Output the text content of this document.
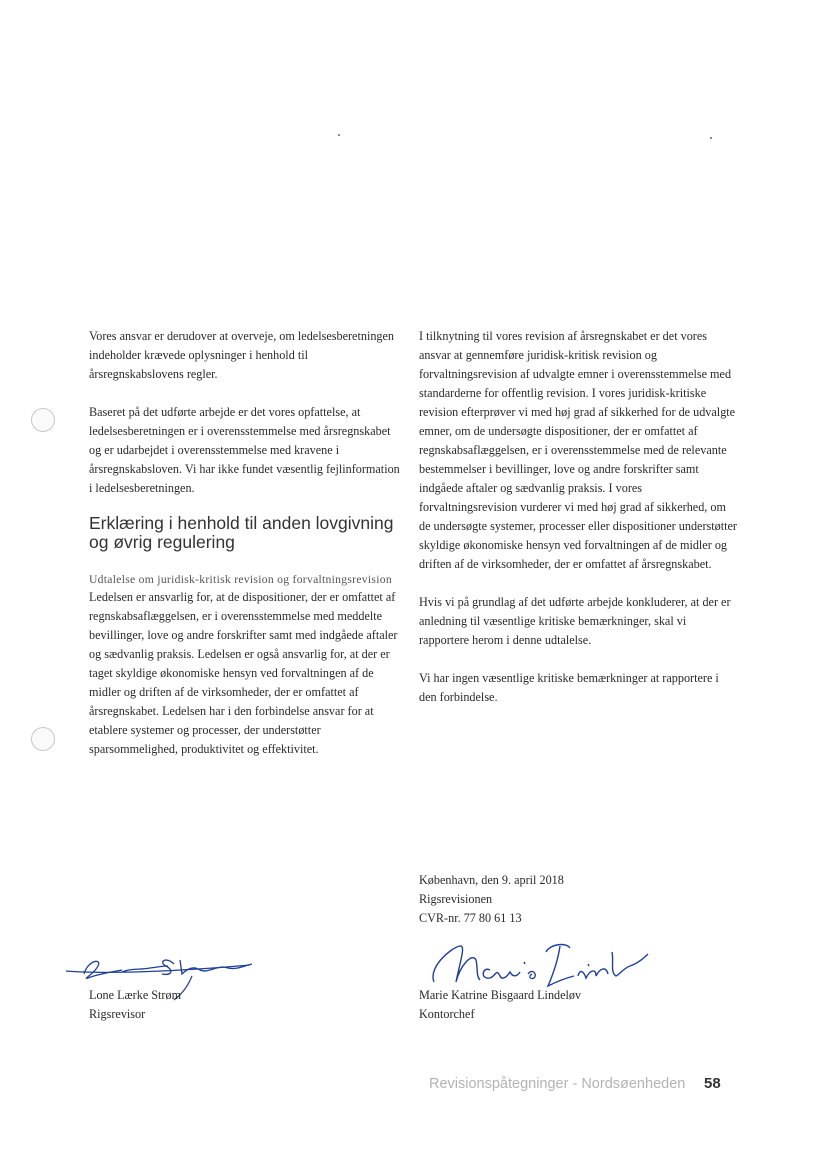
Vores ansvar er derudover at overveje, om ledelsesberetningen indeholder krævede oplysninger i henhold til årsregnskabslovens regler.

Baseret på det udførte arbejde er det vores opfattelse, at ledelsesberetningen er i overensstemmelse med årsregnskabet og er udarbejdet i overensstemmelse med kravene i årsregnskabsloven. Vi har ikke fundet væsentlig fejlinformation i ledelsesberetningen.

Erklæring i henhold til anden lovgivning og øvrig regulering

Udtalelse om juridisk-kritisk revision og forvaltningsrevision

Ledelsen er ansvarlig for, at de dispositioner, der er omfattet af regnskabsaflæggelsen, er i overensstemmelse med meddelte bevillinger, love og andre forskrifter samt med indgåede aftaler og sædvanlig praksis. Ledelsen er også ansvarlig for, at der er taget skyldige økonomiske hensyn ved forvaltningen af de midler og driften af de virksomheder, der er omfattet af årsregnskabet. Ledelsen har i den forbindelse ansvar for at etablere systemer og processer, der understøtter sparsommelighed, produktivitet og effektivitet.

I tilknytning til vores revision af årsregnskabet er det vores ansvar at gennemføre juridisk-kritisk revision og forvaltningsrevision af udvalgte emner i overensstemmelse med standarderne for offentlig revision. I vores juridisk-kritiske revision efterprøver vi med høj grad af sikkerhed for de udvalgte emner, om de undersøgte dispositioner, der er omfattet af regnskabsaflæggelsen, er i overensstemmelse med de relevante bestemmelser i bevillinger, love og andre forskrifter samt indgåede aftaler og sædvanlig praksis. I vores forvaltningsrevision vurderer vi med høj grad af sikkerhed, om de undersøgte systemer, processer eller dispositioner understøtter skyldige økonomiske hensyn ved forvaltningen af de midler og driften af de virksomheder, der er omfattet af årsregnskabet.

Hvis vi på grundlag af det udførte arbejde konkluderer, at der er anledning til væsentlige kritiske bemærkninger, skal vi rapportere herom i denne udtalelse.

Vi har ingen væsentlige kritiske bemærkninger at rapportere i den forbindelse.

København, den 9. april 2018

Rigsrevisionen

CVR-nr. 77 80 61 13

Lone Lærke Strøm

Rigsrevisor

Marie Katrine Bisgaard Lindeløv

Kontorchef

Revisionspåtegninger - Nordsøenheden 58
